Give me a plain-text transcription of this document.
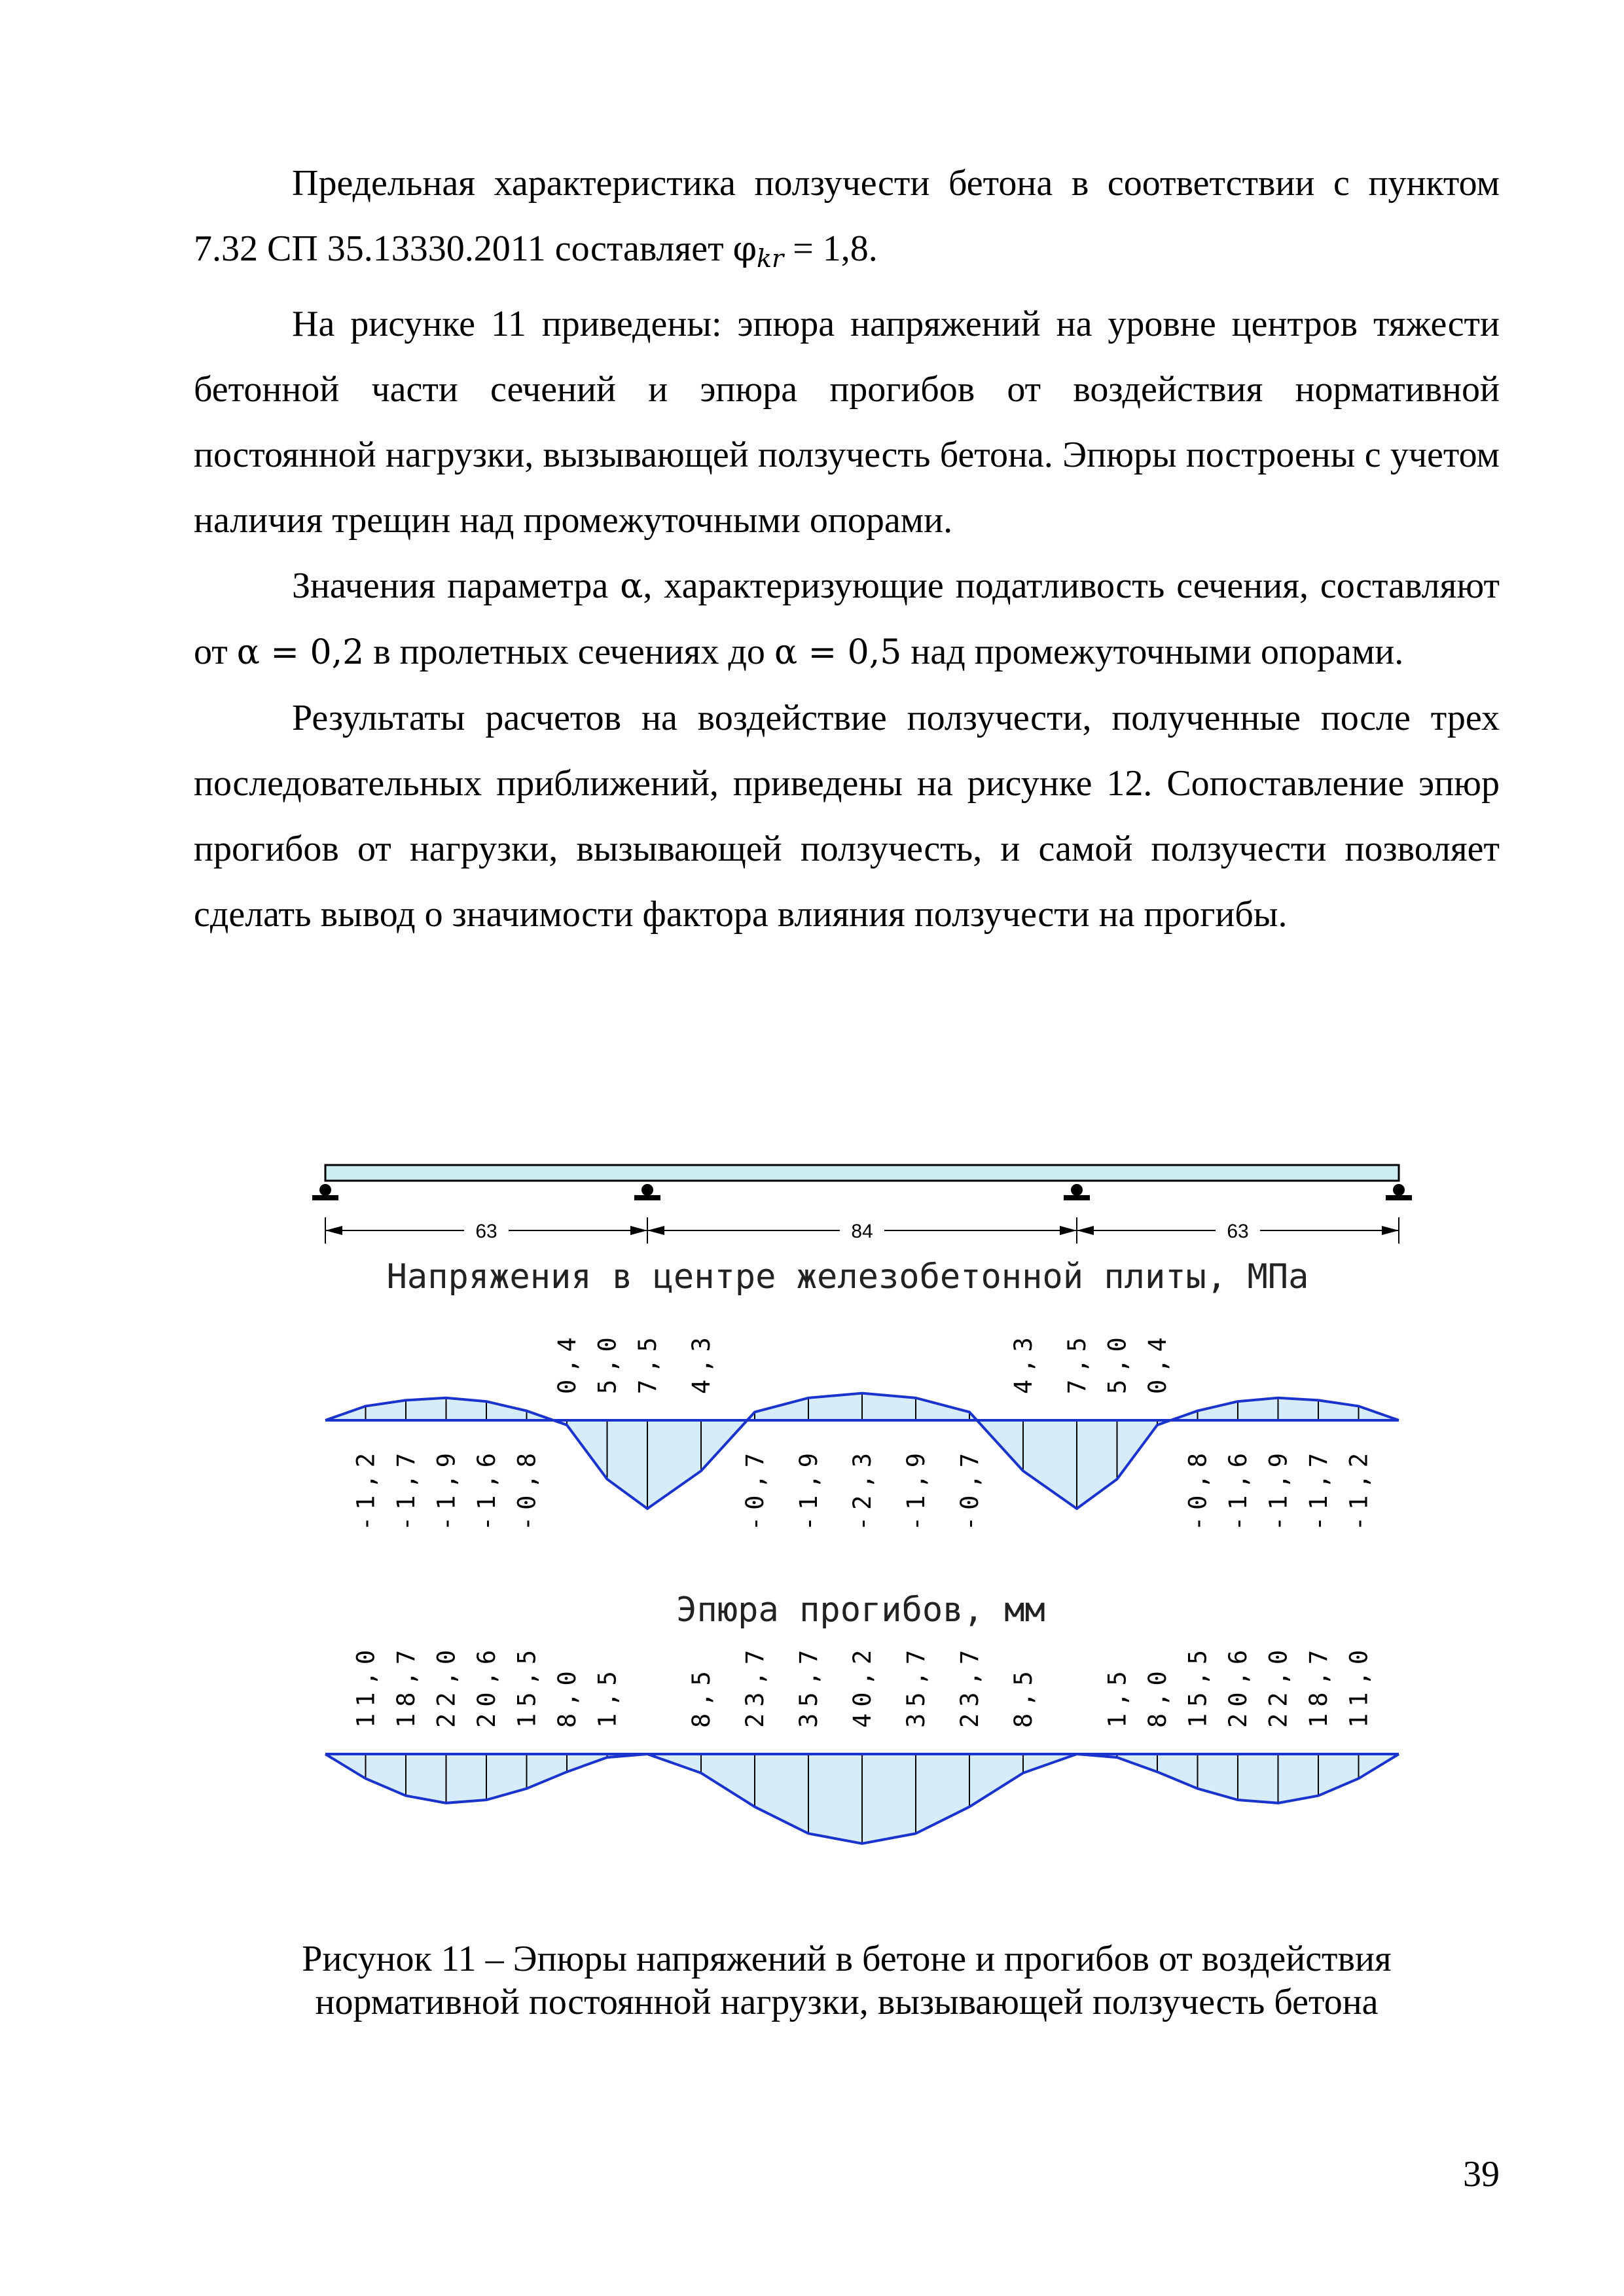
Предельная характеристика ползучести бетона в соответствии с пунктом 7.32 СП 35.13330.2011 составляет $\varphi_{kr} = 1,8$.

На рисунке 11 приведены: эпюра напряжений на уровне центров тяжести бетонной части сечений и эпюра прогибов от воздействия нормативной постоянной нагрузки, вызывающей ползучесть бетона. Эпюры построены с учетом наличия трещин над промежуточными опорами.

Значения параметра α, характеризующие податливость сечения, составляют от α = 0,2 в пролетных сечениях до α = 0,5 над промежуточными опорами.

Результаты расчетов на воздействие ползучести, полученные после трех последовательных приближений, приведены на рисунке 12. Сопоставление эпюр прогибов от нагрузки, вызывающей ползучесть, и самой ползучести позволяет сделать вывод о значимости фактора влияния ползучести на прогибы.

63	84	63
Напряжения в центре железобетонной плиты, МПа
-1,2 -1,7 -1,9 -1,6 -0,8
0,4 5,0 7,5 4,3
-0,7 -1,9 -2,3 -1,9 -0,7
4,3 7,5 5,0 0,4
-0,8 -1,6 -1,9 -1,7 -1,2
Эпюра прогибов, мм
11,0 18,7 22,0 20,6 15,5 8,0 1,5	8,5 23,7 35,7 40,2 35,7 23,7 8,5	1,5 8,0 15,5 20,6 22,0 18,7 11,0
Рисунок 11 – Эпюры напряжений в бетоне и прогибов от воздействия
нормативной постоянной нагрузки, вызывающей ползучесть бетона
39
